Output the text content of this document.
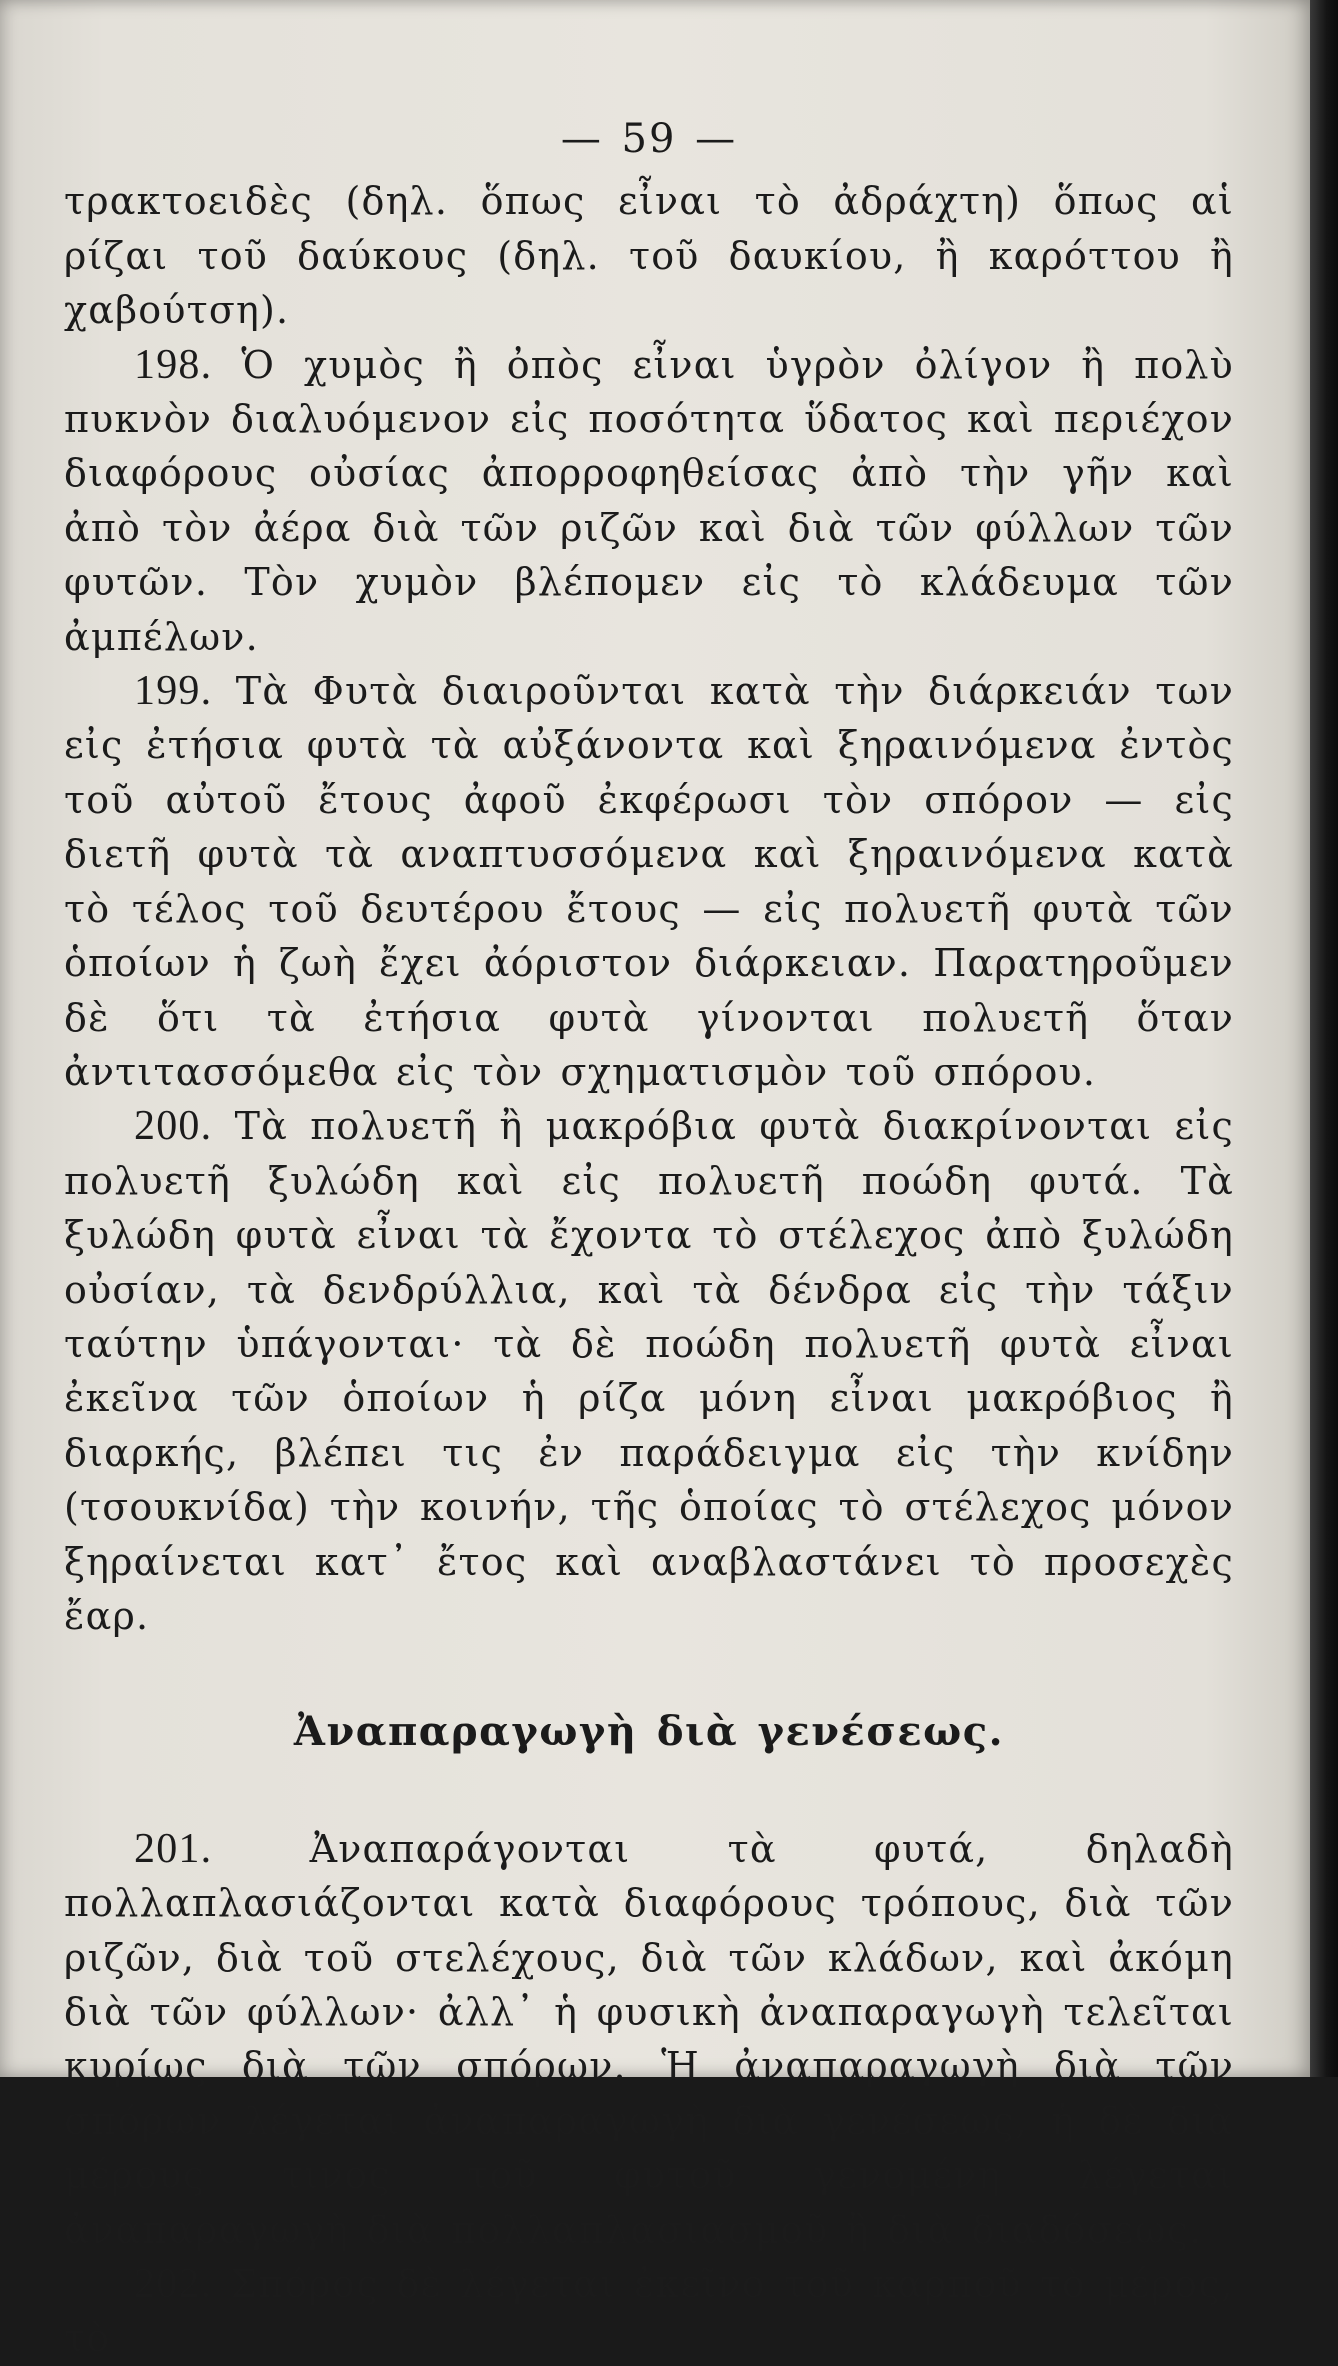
— 59 —

τρακτοειδὲς (δηλ. ὅπως εἶναι τὸ ἀδράχτη) ὅπως αἱ ρίζαι τοῦ δαύκους (δηλ. τοῦ δαυκίου, ἢ καρόττου ἢ χαβούτση).

198. Ὁ χυμὸς ἢ ὀπὸς εἶναι ὑγρὸν ὀλίγον ἢ πολὺ πυκνὸν διαλυόμενον εἰς ποσότητα ὕδατος καὶ περιέχον διαφόρους οὐσίας ἀπορροφηθείσας ἀπὸ τὴν γῆν καὶ ἀπὸ τὸν ἀέρα διὰ τῶν ριζῶν καὶ διὰ τῶν φύλλων τῶν φυτῶν. Τὸν χυμὸν βλέπομεν εἰς τὸ κλάδευμα τῶν ἀμπέλων.

199. Τὰ Φυτὰ διαιροῦνται κατὰ τὴν διάρκειάν των εἰς ἐτήσια φυτὰ τὰ αὐξάνοντα καὶ ξηραινόμενα ἐντὸς τοῦ αὐτοῦ ἔτους ἀφοῦ ἐκφέρωσι τὸν σπόρον — εἰς διετῆ φυτὰ τὰ αναπτυσσόμενα καὶ ξηραινόμενα κατὰ τὸ τέλος τοῦ δευτέρου ἔτους — εἰς πολυετῆ φυτὰ τῶν ὁποίων ἡ ζωὴ ἔχει ἀόριστον διάρκειαν. Παρατηροῦμεν δὲ ὅτι τὰ ἐτήσια φυτὰ γίνονται πολυετῆ ὅταν ἀντιτασσόμεθα εἰς τὸν σχηματισμὸν τοῦ σπόρου.

200. Τὰ πολυετῆ ἢ μακρόβια φυτὰ διακρίνονται εἰς πολυετῆ ξυλώδη καὶ εἰς πολυετῆ ποώδη φυτά. Τὰ ξυλώδη φυτὰ εἶναι τὰ ἔχοντα τὸ στέλεχος ἀπὸ ξυλώδη οὐσίαν, τὰ δενδρύλλια, καὶ τὰ δένδρα εἰς τὴν τάξιν ταύτην ὑπάγονται· τὰ δὲ ποώδη πολυετῆ φυτὰ εἶναι ἐκεῖνα τῶν ὁποίων ἡ ρίζα μόνη εἶναι μακρόβιος ἢ διαρκής, βλέπει τις ἐν παράδειγμα εἰς τὴν κνίδην (τσουκνίδα) τὴν κοινήν, τῆς ὁποίας τὸ στέλεχος μόνον ξηραίνεται κατ᾽ ἔτος καὶ αναβλαστάνει τὸ προσεχὲς ἔαρ.

Ἀναπαραγωγὴ διὰ γενέσεως.

201.	Ἀναπαράγονται τὰ φυτά, δηλαδὴ πολλαπλασιάζονται κατὰ διαφόρους τρόπους, διὰ τῶν ριζῶν, διὰ τοῦ στελέχους, διὰ τῶν κλάδων, καὶ ἀκόμη διὰ τῶν φύλλων· ἀλλ᾽ ἡ φυσικὴ ἀναπαραγωγὴ τελεῖται κυρίως διὰ τῶν σπόρων. Ἡ ἀναπαραγωγὴ διὰ τῶν σπόρων λέγεται ἀναπαραγωγὴ διὰ γενέσεως, ἡ δὲ διὰ μέρους τινος τοῦ φυτοῦ γενομένη λέγεται ἀναπαραγωγὴ διὰ πολλαπλασιασμοῦ ἢ διὰ διαδόσεως.

202. Σπόρος δὲ λέγεται ἐκεῖνο τοῦ καρποῦ τὸ μέρος, τὸ
